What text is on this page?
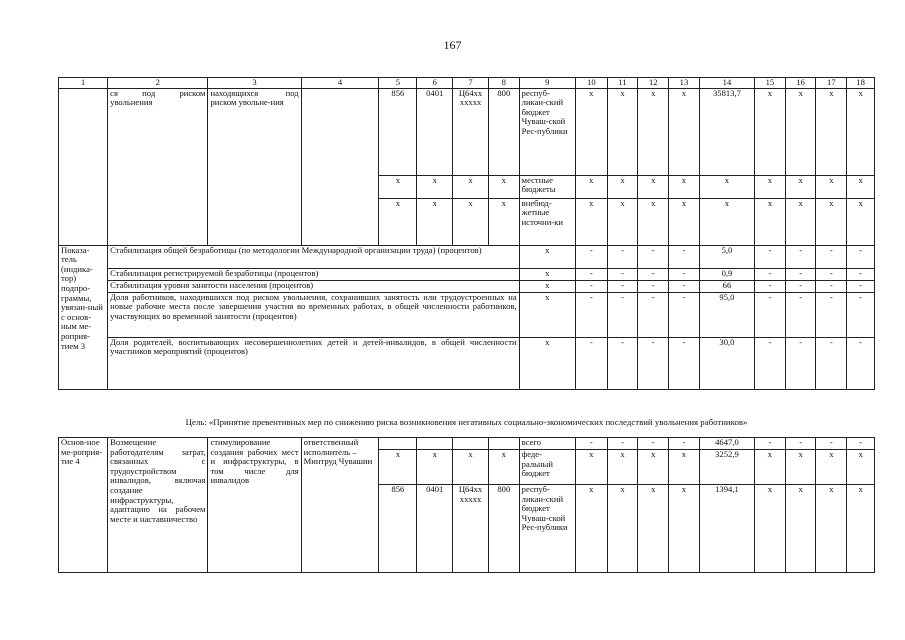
167
1	2	3	4	5	6	7	8	9	10	11	12	13	14	15	16	17	18
	ся под риском увольнения	находящихся под риском увольне-ния		856	0401	Ц64хх ххххх	800	респуб-ликан-ский бюджет Чуваш-ской Рес-публики	х	х	х	х	35813,7	х	х	х	х
				х	х	х	х	местные бюджеты	х	х	х	х	х	х	х	х	х
				х	х	х	х	внебюд-жетные источни-ки	х	х	х	х	х	х	х	х	х
Показа-тель (индика-тор) подпро-граммы, увязан-ный с основ-ным ме-роприя-тием 3	Стабилизация общей безработицы (по методологии Международной организации труда) (процентов)							х	-	-	-	-	5,0	-	-	-	-
	Стабилизация регистрируемой безработицы (процентов)							х	-	-	-	-	0,9	-	-	-	-
	Стабилизация уровня занятости населения (процентов)							х	-	-	-	-	66	-	-	-	-
	Доля работников, находившихся под риском увольнения, сохранивших занятость или трудоустроенных на новые рабочие места после завершения участия во временных работах, в общей численности работников, участвующих во временной занятости (процентов)							х	-	-	-	-	95,0	-	-	-	-
	Доля родителей, воспитывающих несовершеннолетних детей и детей-инвалидов, в общей численности участников мероприятий (процентов)							х	-	-	-	-	30,0	-	-	-	-
Цель: «Принятие превентивных мер по снижению риска возникновения негативных социально-экономических последствий увольнения работников»
Основ-ное ме-роприя-тие 4	Возмещение работодателям затрат, связанных с трудоустройством инвалидов, включая создание инфраструктуры, адаптацию на рабочем месте и наставничество	стимулирование создания рабочих мест и инфраструктуры, в том числе для инвалидов	ответственный исполнитель – Минтруд Чувашии					всего	-	-	-	-	4647,0	-	-	-	-
				х	х	х	х	феде-ральный бюджет	х	х	х	х	3252,9	х	х	х	х
				856	0401	Ц64хх ххххх	800	респуб-ликан-ский бюджет Чуваш-ской Рес-публики	х	х	х	х	1394,1	х	х	х	х
